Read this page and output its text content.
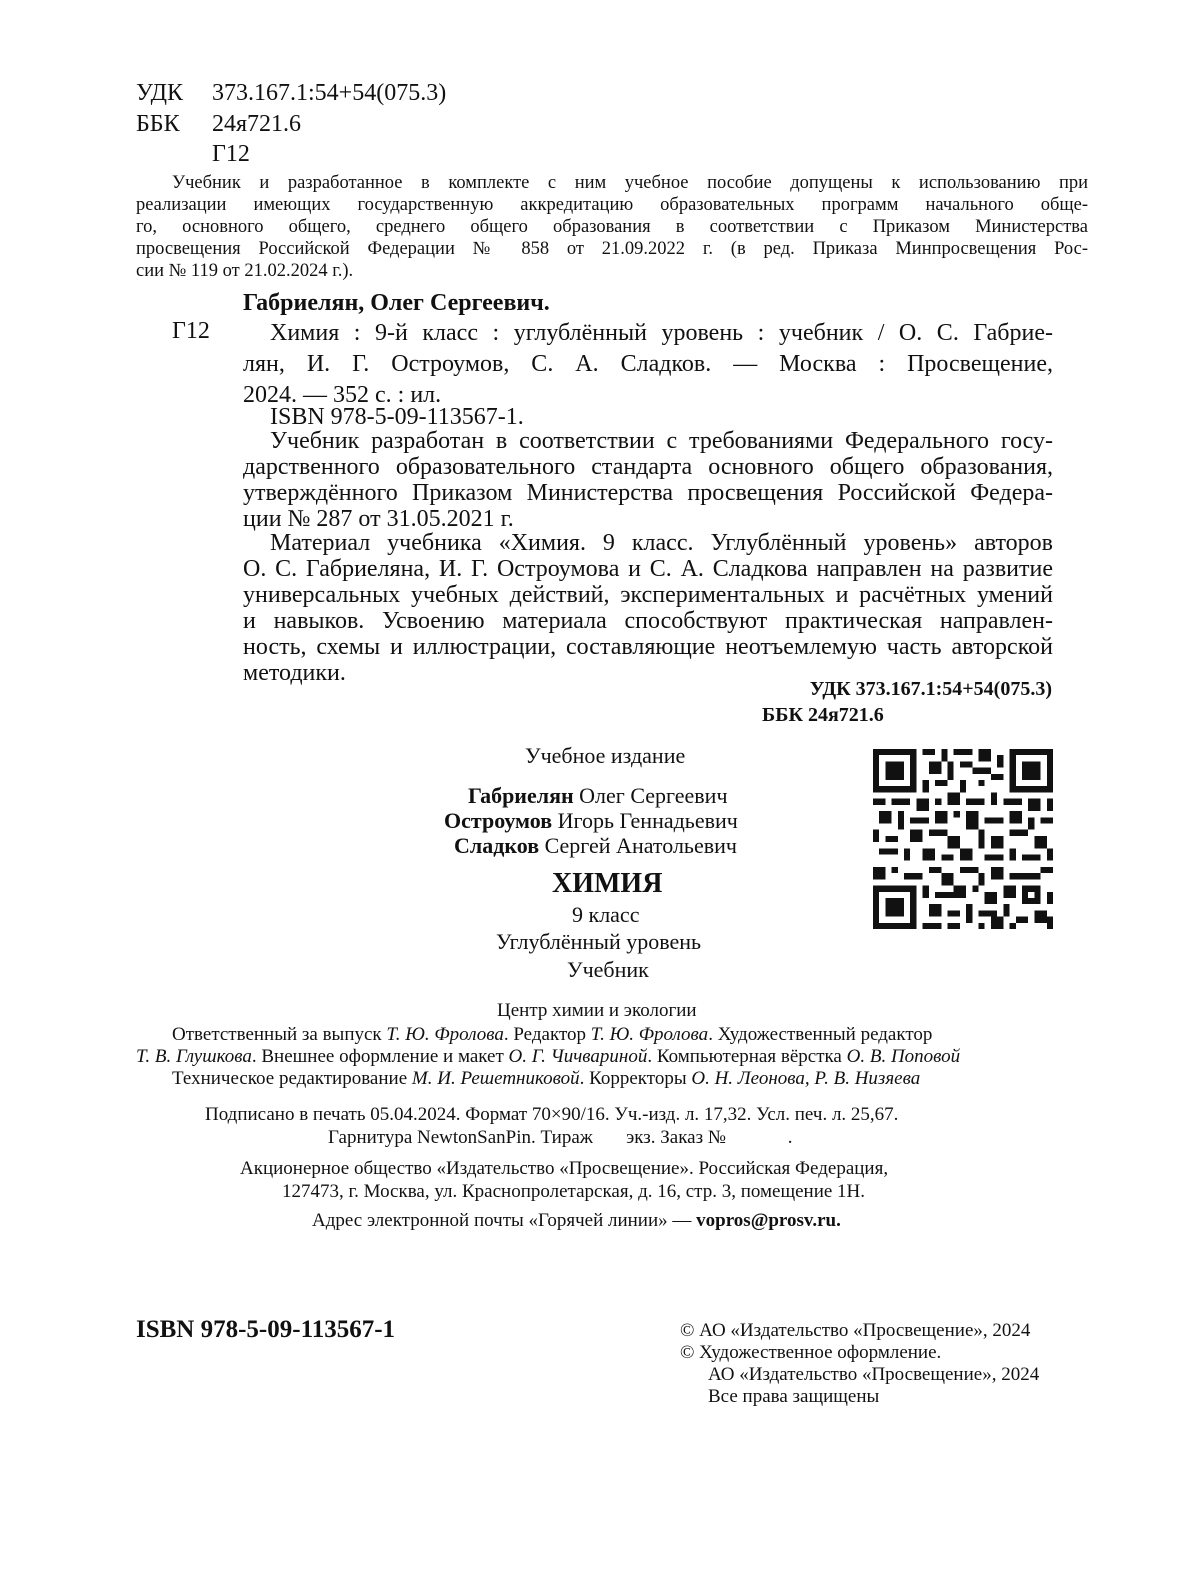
УДК 373.167.1:54+54(075.3)
ББК 24я721.6
Г12
Учебник и разработанное в комплекте с ним учебное пособие допущены к использованию при
реализации имеющих государственную аккредитацию образовательных программ начального обще-
го, основного общего, среднего общего образования в соответствии с Приказом Министерства
просвещения Российской Федерации № 858 от 21.09.2022 г. (в ред. Приказа Минпросвещения Рос-
сии № 119 от 21.02.2024 г.).
Габриелян, Олег Сергеевич.
Г12	Химия : 9-й класс : углублённый уровень : учебник / О. С. Габрие-
лян, И. Г. Остроумов, С. А. Сладков. — Москва : Просвещение,
2024. — 352 с. : ил.
ISBN 978-5-09-113567-1.
Учебник разработан в соответствии с требованиями Федерального госу-
дарственного образовательного стандарта основного общего образования,
утверждённого Приказом Министерства просвещения Российской Федера-
ции № 287 от 31.05.2021 г.
Материал учебника «Химия. 9 класс. Углублённый уровень» авторов
О. С. Габриеляна, И. Г. Остроумова и С. А. Сладкова направлен на развитие
универсальных учебных действий, экспериментальных и расчётных умений
и навыков. Усвоению материала способствуют практическая направлен-
ность, схемы и иллюстрации, составляющие неотъемлемую часть авторской
методики.
УДК 373.167.1:54+54(075.3)
ББК 24я721.6
Учебное издание
Габриелян Олег Сергеевич
Остроумов Игорь Геннадьевич
Сладков Сергей Анатольевич
ХИМИЯ
9 класс
Углублённый уровень
Учебник
Центр химии и экологии
Ответственный за выпуск Т. Ю. Фролова. Редактор Т. Ю. Фролова. Художественный редактор
Т. В. Глушкова. Внешнее оформление и макет О. Г. Чичвариной. Компьютерная вёрстка О. В. Поповой
Техническое редактирование М. И. Решетниковой. Корректоры О. Н. Леонова, Р. В. Низяева
Подписано в печать 05.04.2024. Формат 70×90/16. Уч.-изд. л. 17,32. Усл. печ. л. 25,67.
Гарнитура NewtonSanPin. Тираж       экз. Заказ №             .
Акционерное общество «Издательство «Просвещение». Российская Федерация,
127473, г. Москва, ул. Краснопролетарская, д. 16, стр. 3, помещение 1Н.
Адрес электронной почты «Горячей линии» — vopros@prosv.ru.
ISBN 978-5-09-113567-1	© АО «Издательство «Просвещение», 2024
© Художественное оформление.
АО «Издательство «Просвещение», 2024
Все права защищены
